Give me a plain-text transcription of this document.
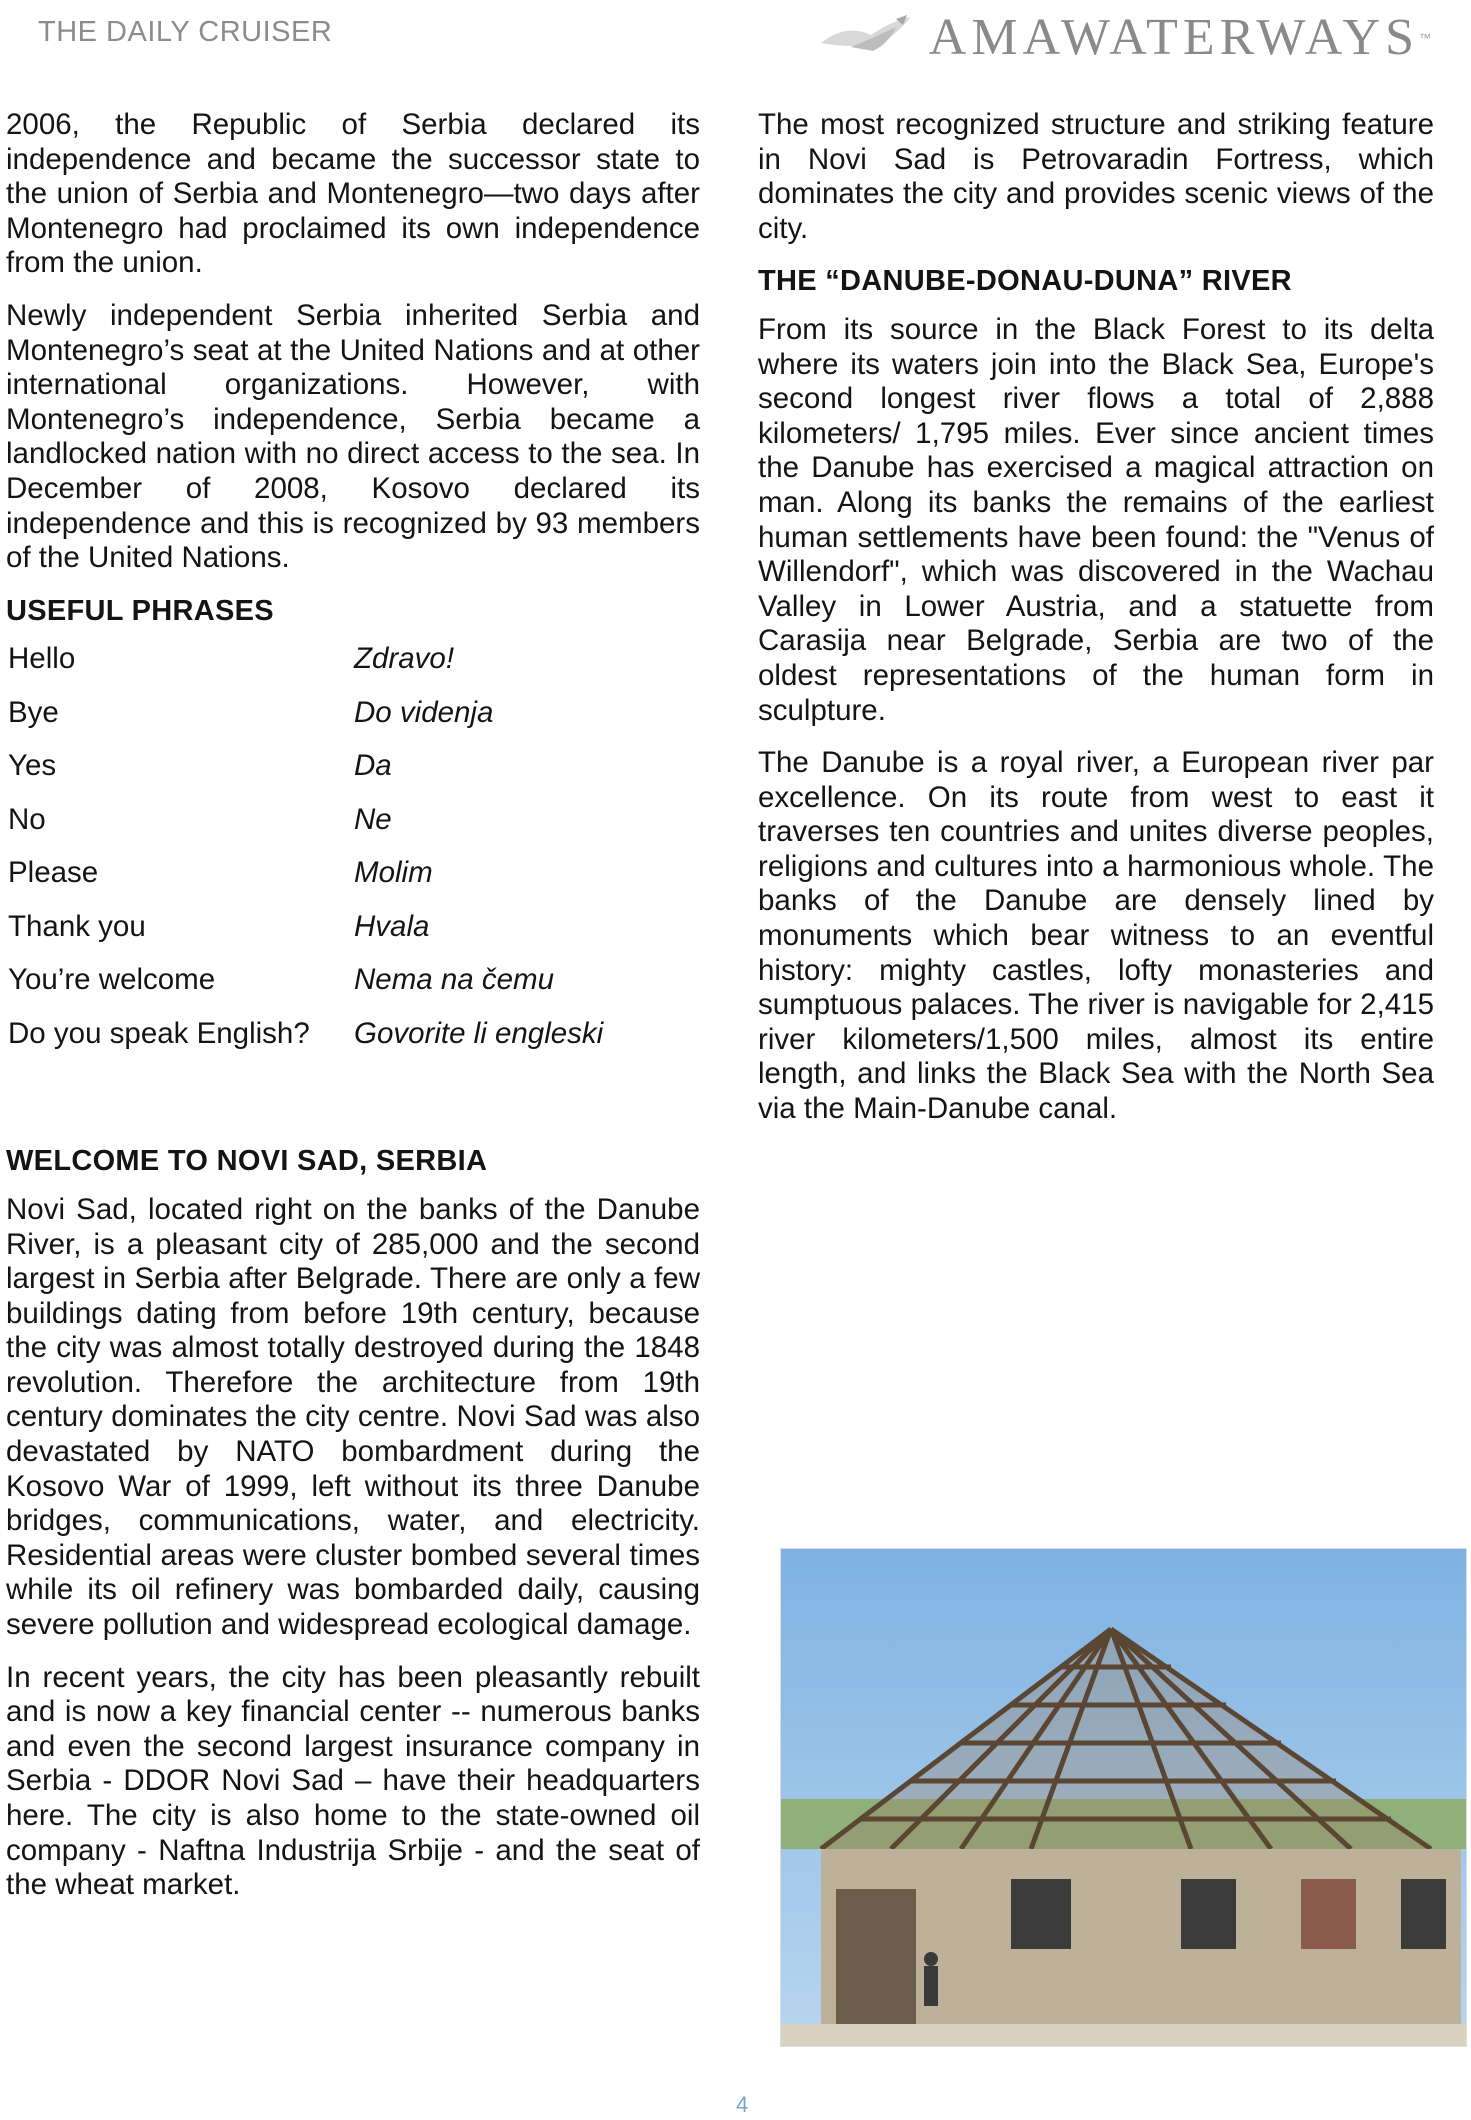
THE DAILY CRUISER	AMAWATERWAYS ™

2006, the Republic of Serbia declared its independence and became the successor state to the union of Serbia and Montenegro—two days after Montenegro had proclaimed its own independence from the union.

Newly independent Serbia inherited Serbia and Montenegro’s seat at the United Nations and at other international organizations. However, with Montenegro’s independence, Serbia became a landlocked nation with no direct access to the sea. In December of 2008, Kosovo declared its independence and this is recognized by 93 members of the United Nations.

USEFUL PHRASES
Hello	Zdravo!
Bye	Do videnja
Yes	Da
No	Ne
Please	Molim
Thank you	Hvala
You’re welcome	Nema na čemu
Do you speak English?	Govorite li engleski
WELCOME TO NOVI SAD, SERBIA

Novi Sad, located right on the banks of the Danube River, is a pleasant city of 285,000 and the second largest in Serbia after Belgrade. There are only a few buildings dating from before 19th century, because the city was almost totally destroyed during the 1848 revolution. Therefore the architecture from 19th century dominates the city centre. Novi Sad was also devastated by NATO bombardment during the Kosovo War of 1999, left without its three Danube bridges, communications, water, and electricity. Residential areas were cluster bombed several times while its oil refinery was bombarded daily, causing severe pollution and widespread ecological damage.

In recent years, the city has been pleasantly rebuilt and is now a key financial center -- numerous banks and even the second largest insurance company in Serbia - DDOR Novi Sad – have their headquarters here. The city is also home to the state-owned oil company - Naftna Industrija Srbije - and the seat of the wheat market.

The most recognized structure and striking feature in Novi Sad is Petrovaradin Fortress, which dominates the city and provides scenic views of the city.

THE “DANUBE-DONAU-DUNA” RIVER

From its source in the Black Forest to its delta where its waters join into the Black Sea, Europe's second longest river flows a total of 2,888 kilometers/ 1,795 miles. Ever since ancient times the Danube has exercised a magical attraction on man. Along its banks the remains of the earliest human settlements have been found: the "Venus of Willendorf", which was discovered in the Wachau Valley in Lower Austria, and a statuette from Carasija near Belgrade, Serbia are two of the oldest representations of the human form in sculpture.

The Danube is a royal river, a European river par excellence. On its route from west to east it traverses ten countries and unites diverse peoples, religions and cultures into a harmonious whole. The banks of the Danube are densely lined by monuments which bear witness to an eventful history: mighty castles, lofty monasteries and sumptuous palaces. The river is navigable for 2,415 river kilometers/1,500 miles, almost its entire length, and links the Black Sea with the North Sea via the Main-Danube canal.

4
